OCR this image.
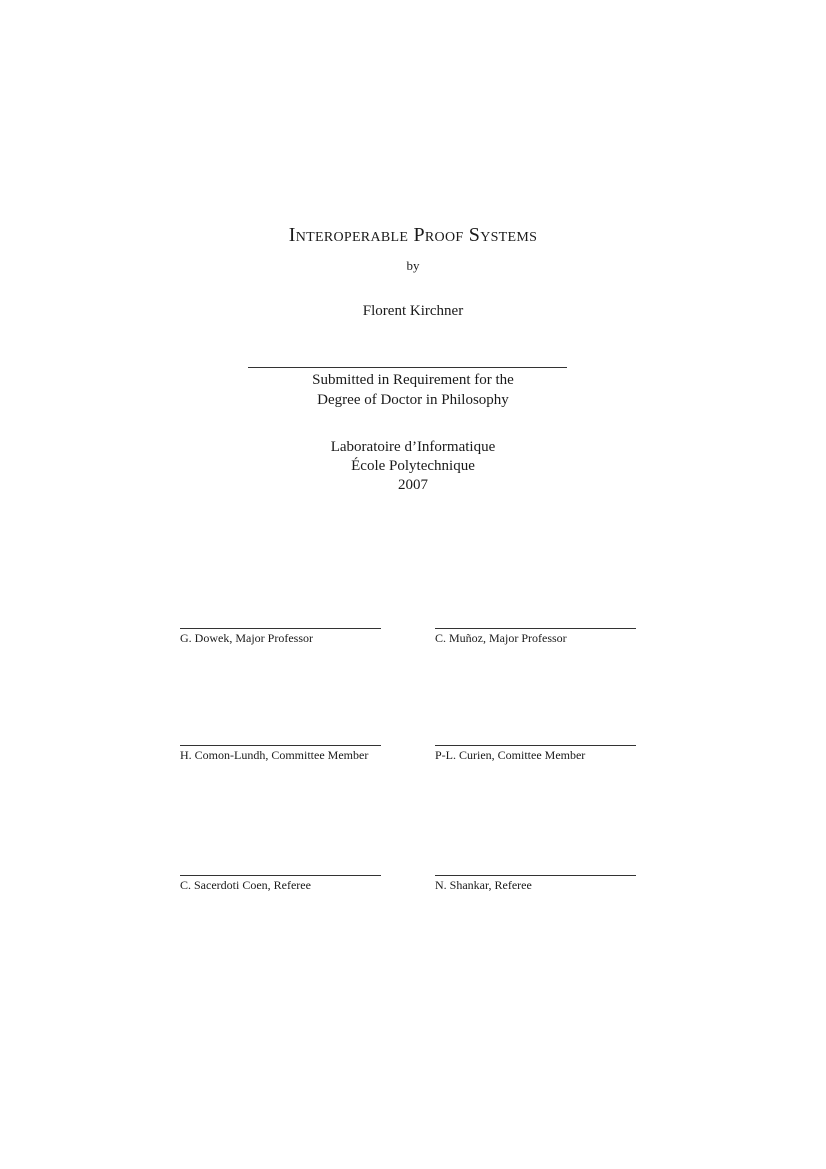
Interoperable Proof Systems
by
Florent Kirchner
Submitted in Requirement for the
Degree of Doctor in Philosophy
Laboratoire d’Informatique
École Polytechnique
2007
G. Dowek, Major Professor	C. Muñoz, Major Professor
H. Comon-Lundh, Committee Member	P-L. Curien, Comittee Member
C. Sacerdoti Coen, Referee	N. Shankar, Referee
